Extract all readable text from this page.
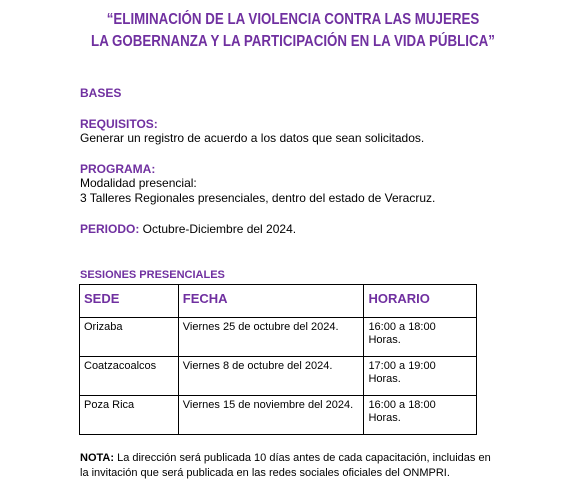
“ELIMINACIÓN DE LA VIOLENCIA CONTRA LAS MUJERES
LA GOBERNANZA Y LA PARTICIPACIÓN EN LA VIDA PÚBLICA”
BASES
REQUISITOS:
Generar un registro de acuerdo a los datos que sean solicitados.
PROGRAMA:
Modalidad presencial:
3 Talleres Regionales presenciales, dentro del estado de Veracruz.
PERIODO: Octubre-Diciembre del 2024.
SESIONES PRESENCIALES
SEDE	FECHA	HORARIO
Orizaba	Viernes 25 de octubre del 2024.	16:00 a 18:00
Horas.
Coatzacoalcos	Viernes 8 de octubre del 2024.	17:00 a 19:00
Horas.
Poza Rica	Viernes 15 de noviembre del 2024.	16:00 a 18:00
Horas.
NOTA: La dirección será publicada 10 días antes de cada capacitación, incluidas en la invitación que será publicada en las redes sociales oficiales del ONMPRI.
